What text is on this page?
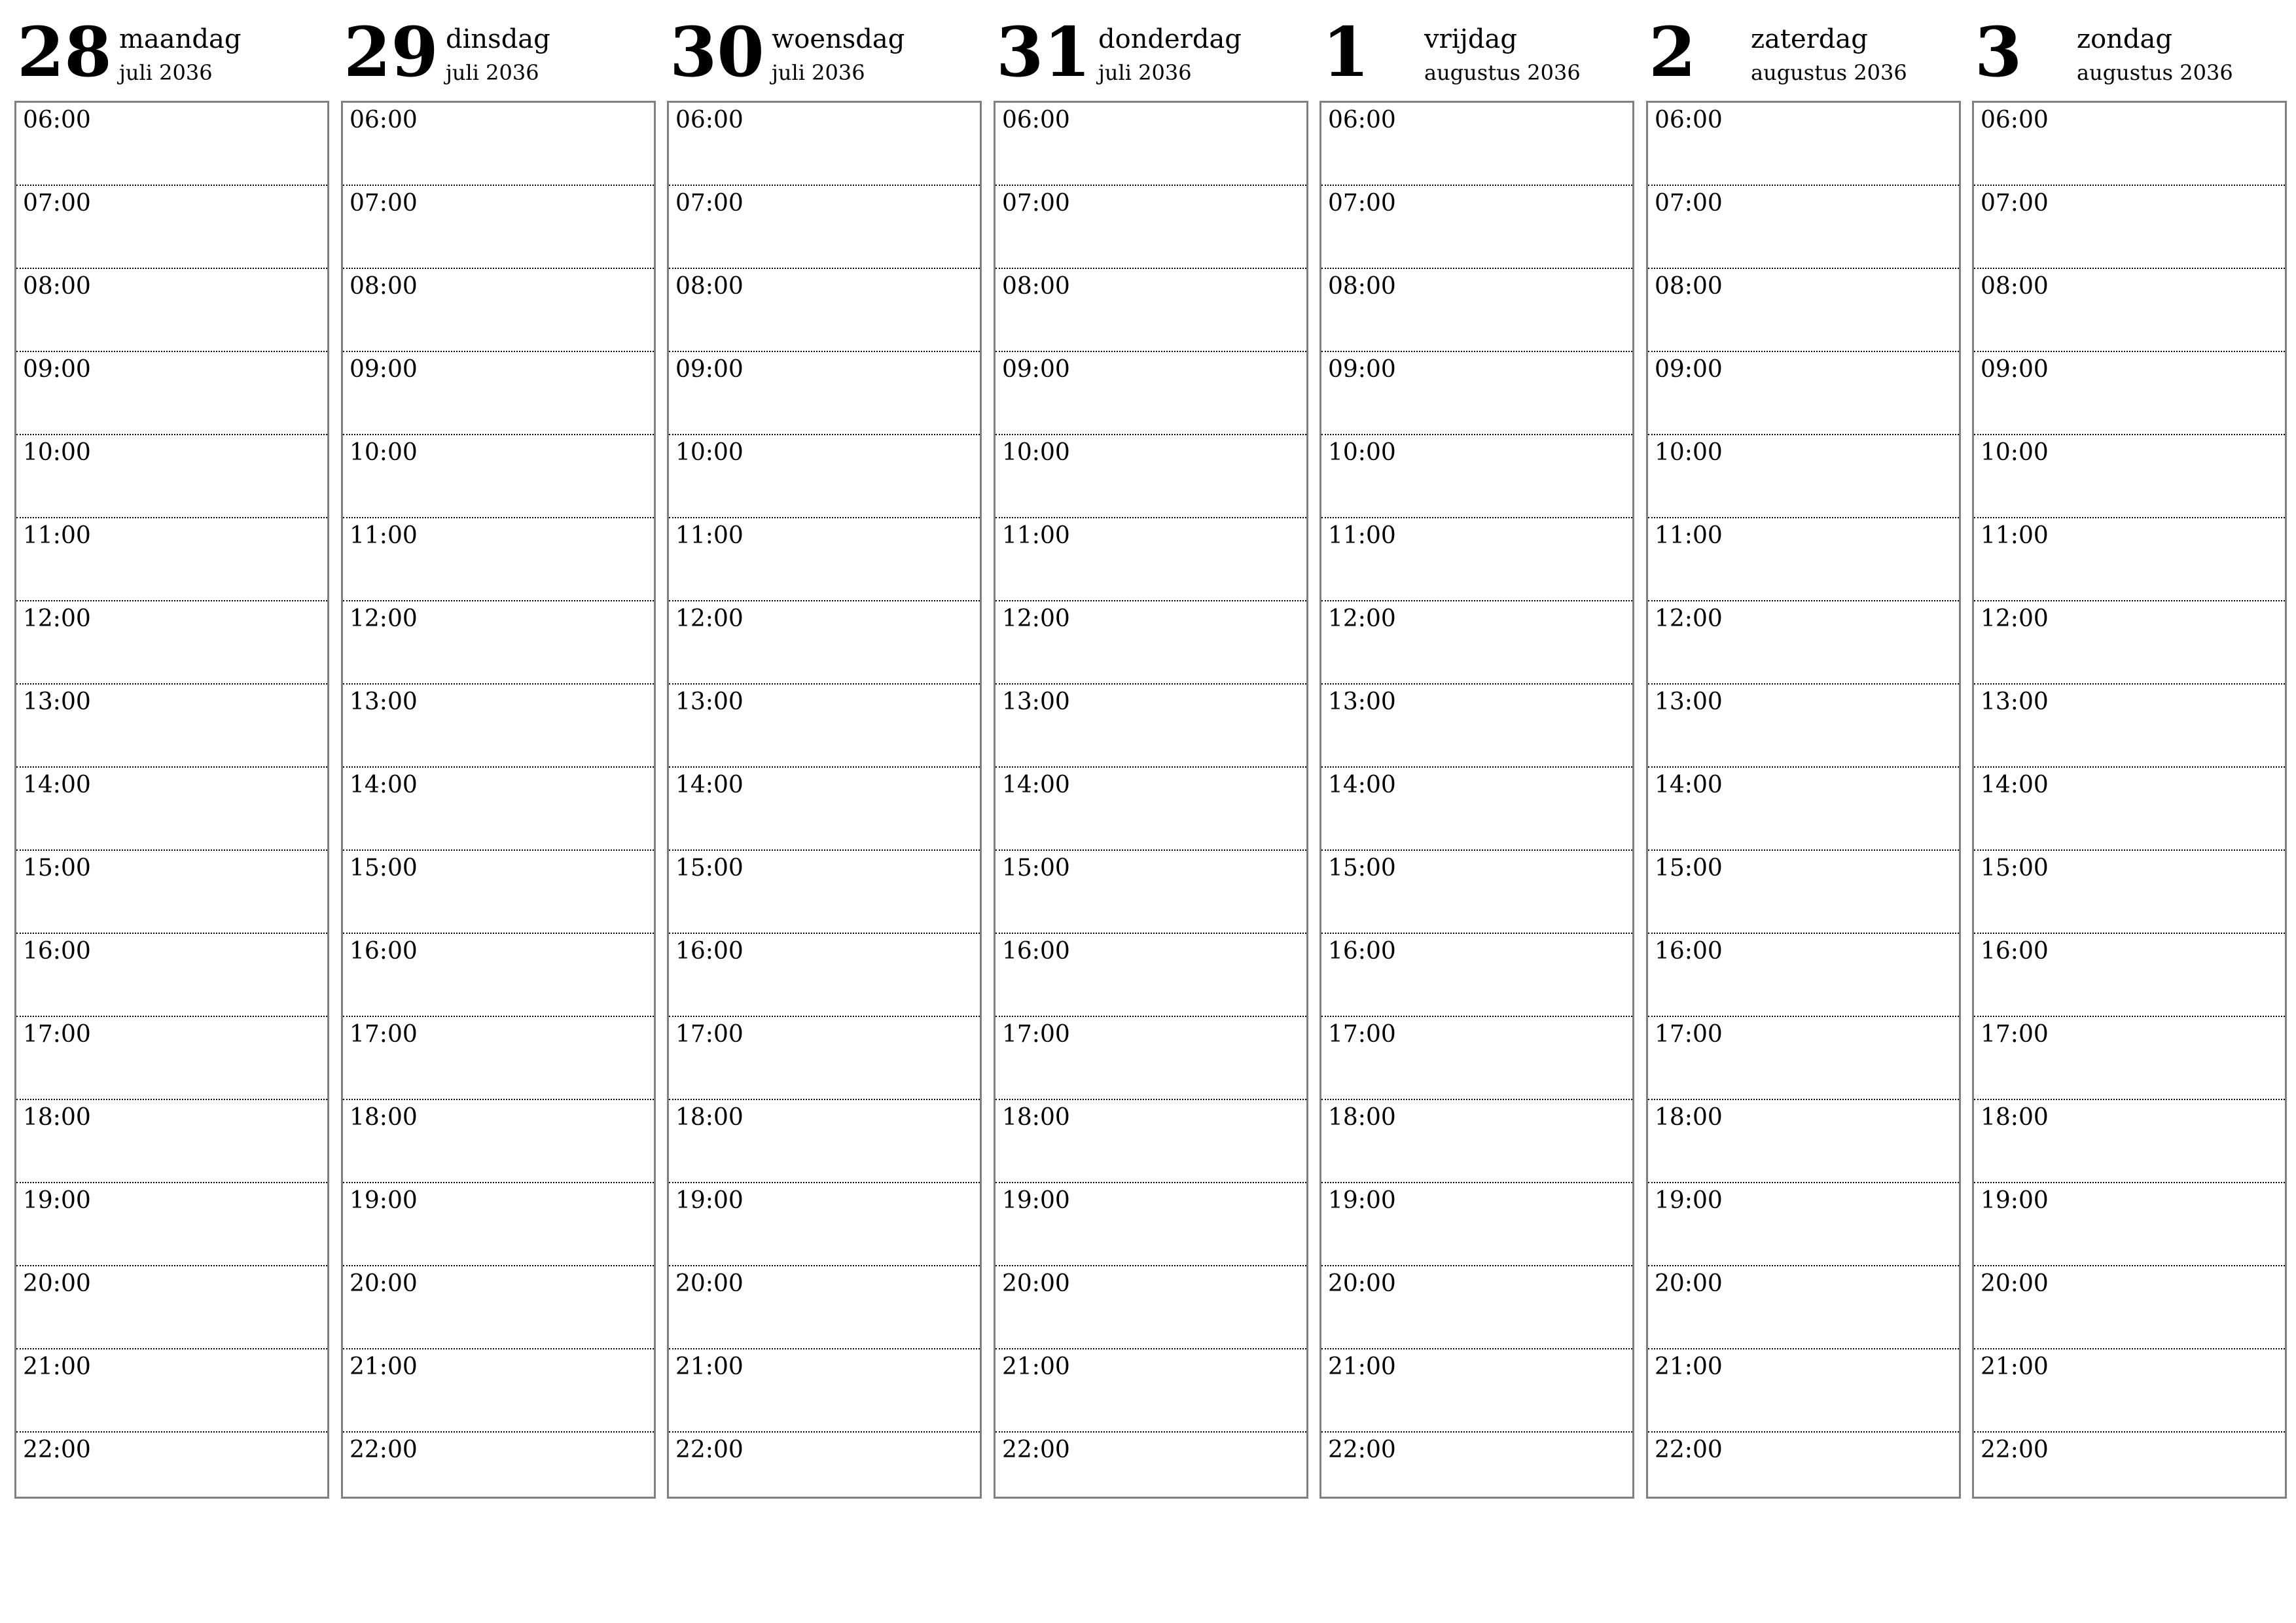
28 maandag
juli 2036
06:00
07:00
08:00
09:00
10:00
11:00
12:00
13:00
14:00
15:00
16:00
17:00
18:00
19:00
20:00
21:00
22:00
29 dinsdag
juli 2036
06:00
07:00
08:00
09:00
10:00
11:00
12:00
13:00
14:00
15:00
16:00
17:00
18:00
19:00
20:00
21:00
22:00
30 woensdag
juli 2036
06:00
07:00
08:00
09:00
10:00
11:00
12:00
13:00
14:00
15:00
16:00
17:00
18:00
19:00
20:00
21:00
22:00
31 donderdag
juli 2036
06:00
07:00
08:00
09:00
10:00
11:00
12:00
13:00
14:00
15:00
16:00
17:00
18:00
19:00
20:00
21:00
22:00
1 vrijdag
augustus 2036
06:00
07:00
08:00
09:00
10:00
11:00
12:00
13:00
14:00
15:00
16:00
17:00
18:00
19:00
20:00
21:00
22:00
2 zaterdag
augustus 2036
06:00
07:00
08:00
09:00
10:00
11:00
12:00
13:00
14:00
15:00
16:00
17:00
18:00
19:00
20:00
21:00
22:00
3 zondag
augustus 2036
06:00
07:00
08:00
09:00
10:00
11:00
12:00
13:00
14:00
15:00
16:00
17:00
18:00
19:00
20:00
21:00
22:00
